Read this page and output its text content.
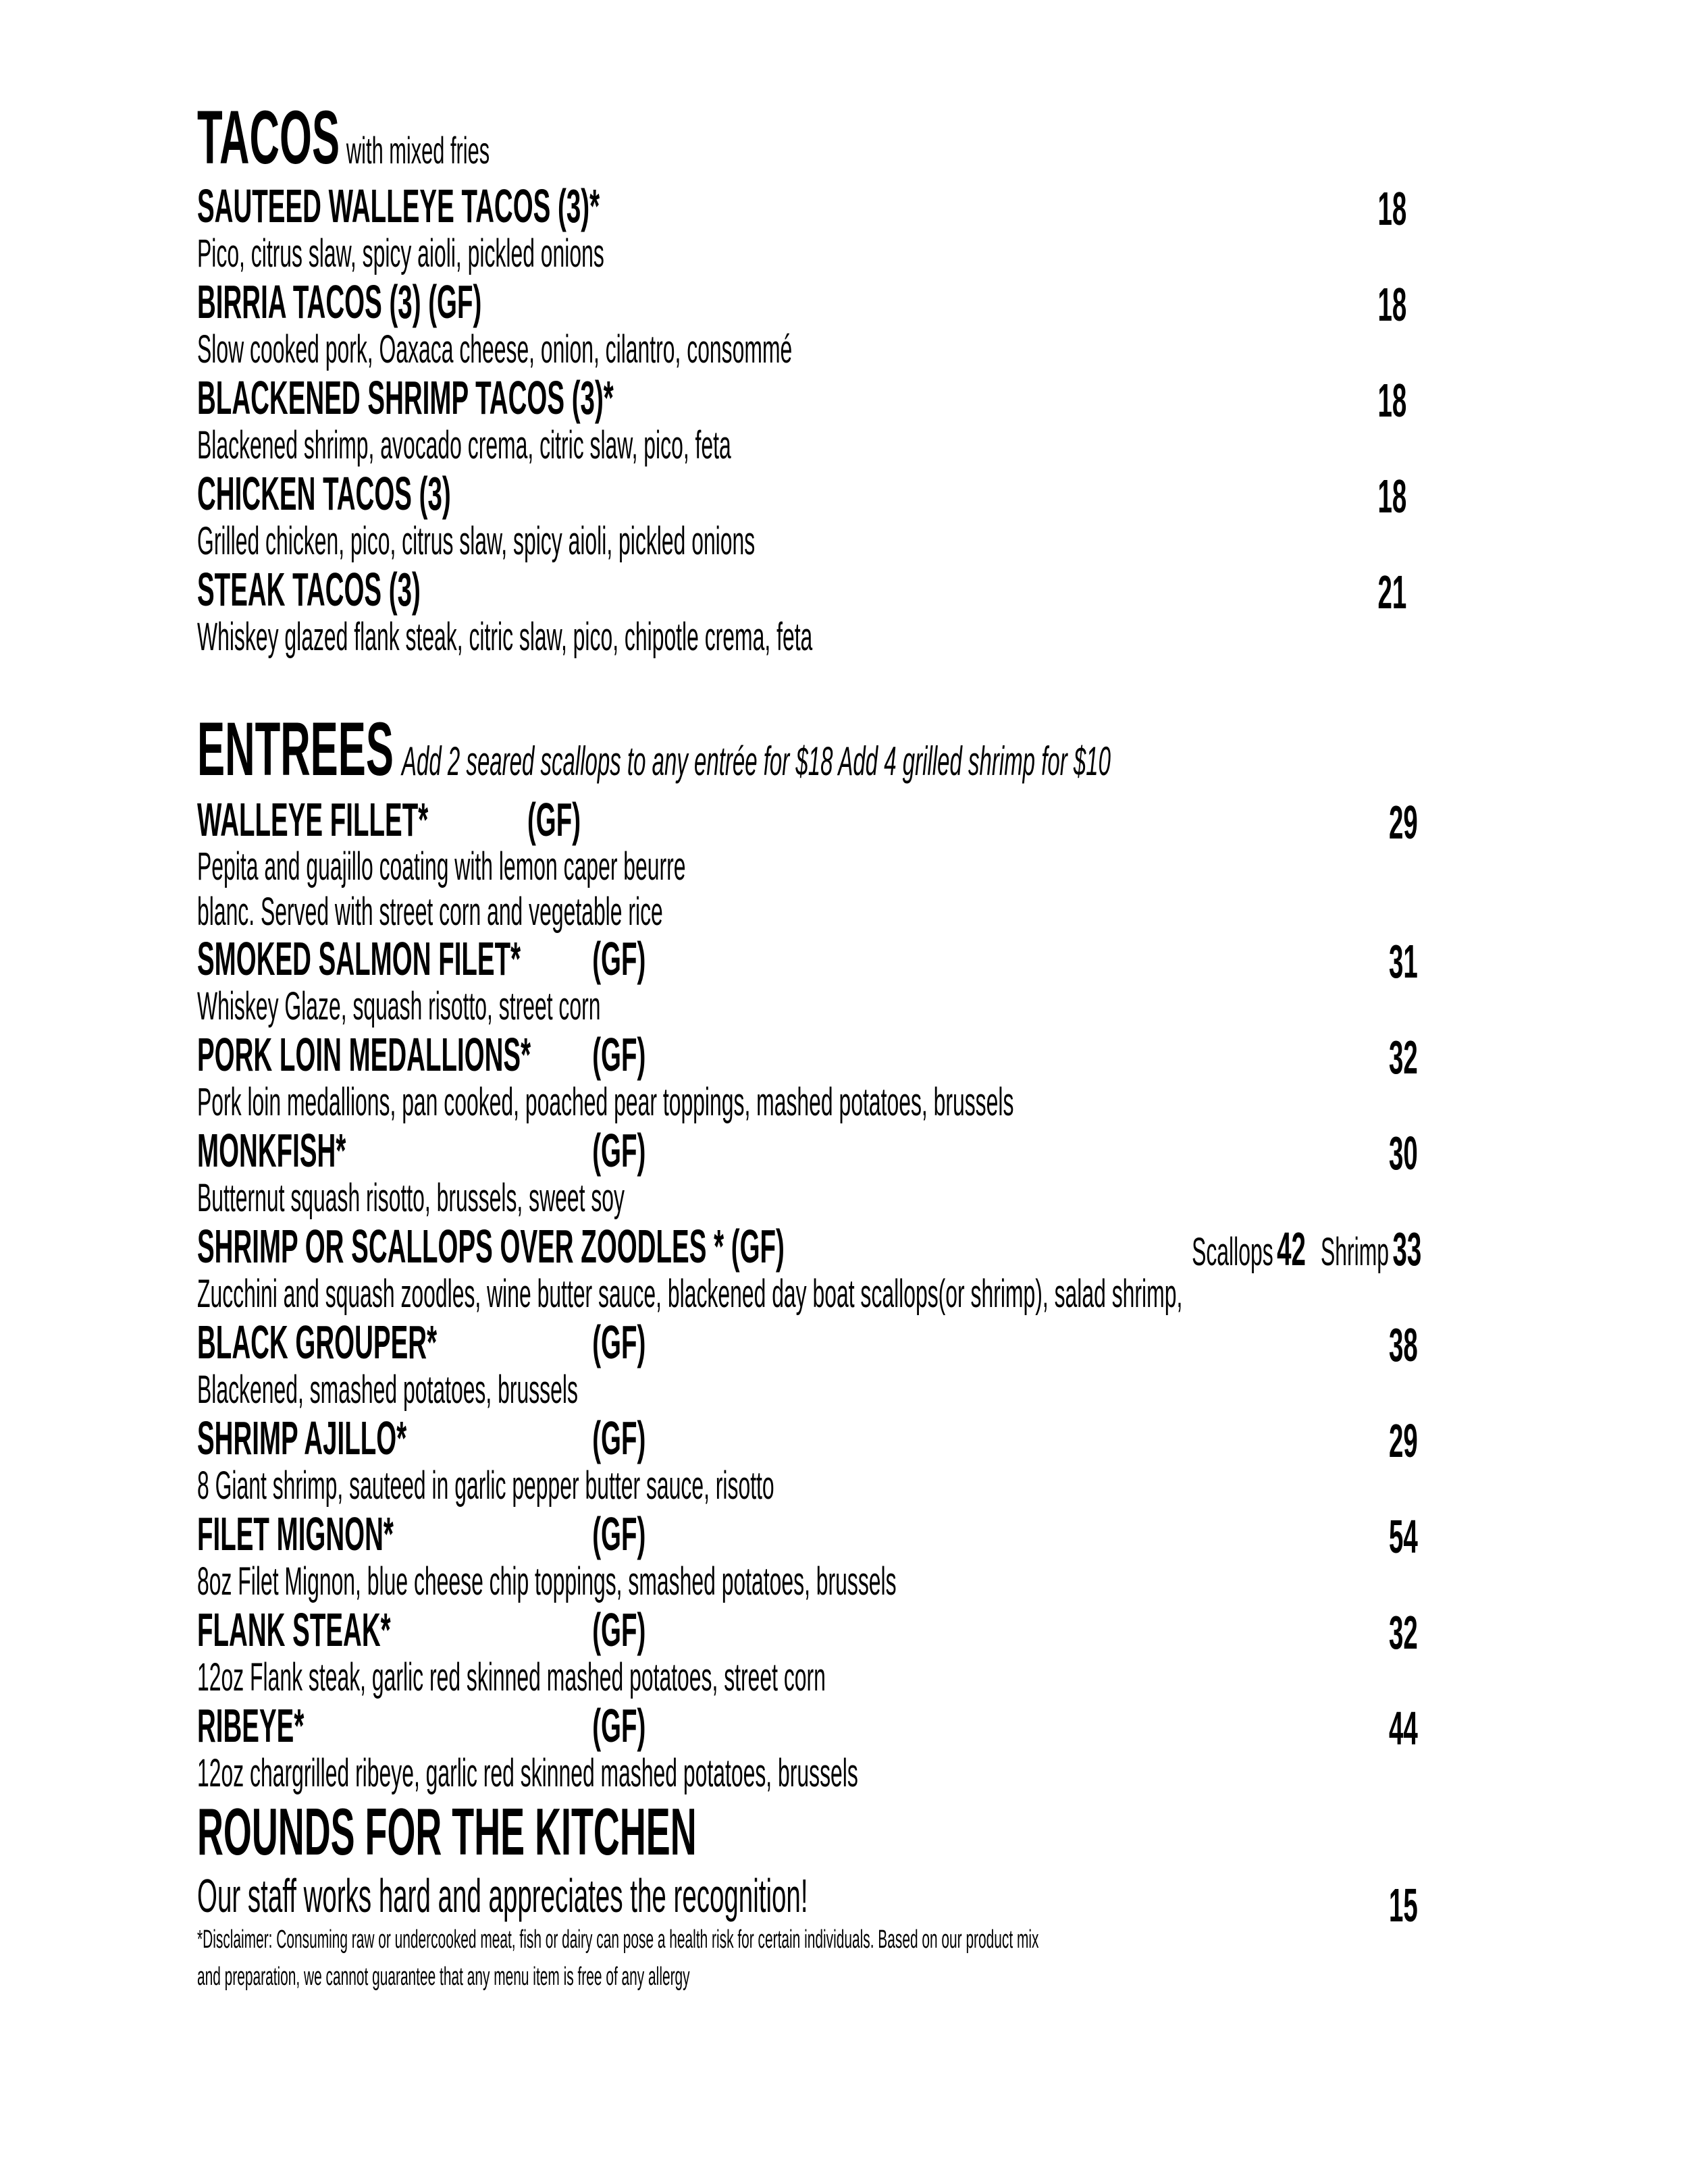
TACOS with mixed fries
SAUTEED WALLEYE TACOS (3)*	18
Pico, citrus slaw, spicy aioli, pickled onions
BIRRIA TACOS (3) (GF)	18
Slow cooked pork, Oaxaca cheese, onion, cilantro, consommé
BLACKENED SHRIMP TACOS (3)*	18
Blackened shrimp, avocado crema, citric slaw, pico, feta
CHICKEN TACOS (3)	18
Grilled chicken, pico, citrus slaw, spicy aioli, pickled onions
STEAK TACOS (3)	21
Whiskey glazed flank steak, citric slaw, pico, chipotle crema, feta
ENTREES Add 2 seared scallops to any entrée for $18 Add 4 grilled shrimp for $10
WALLEYE FILLET* (GF)	29
Pepita and guajillo coating with lemon caper beurre blanc. Served with street corn and vegetable rice
SMOKED SALMON FILET* (GF)	31
Whiskey Glaze, squash risotto, street corn
PORK LOIN MEDALLIONS* (GF)	32
Pork loin medallions, pan cooked, poached pear toppings, mashed potatoes, brussels
MONKFISH*	(GF)	30
Butternut squash risotto, brussels, sweet soy
SHRIMP OR SCALLOPS OVER ZOODLES * (GF)	Scallops42 Shrimp33
Zucchini and squash zoodles, wine butter sauce, blackened day boat scallops(or shrimp), salad shrimp,
BLACK GROUPER*	(GF)	38
Blackened, smashed potatoes, brussels
SHRIMP AJILLO*	(GF)	29
8 Giant shrimp, sauteed in garlic pepper butter sauce, risotto
FILET MIGNON*	(GF)	54
8oz Filet Mignon, blue cheese chip toppings, smashed potatoes, brussels
FLANK STEAK*	(GF)	32
12oz Flank steak, garlic red skinned mashed potatoes, street corn
RIBEYE*	(GF)	44
12oz chargrilled ribeye, garlic red skinned mashed potatoes, brussels
ROUNDS FOR THE KITCHEN
Our staff works hard and appreciates the recognition!	15
*Disclaimer: Consuming raw or undercooked meat, fish or dairy can pose a health risk for certain individuals. Based on our product mix
and preparation, we cannot guarantee that any menu item is free of any allergy
